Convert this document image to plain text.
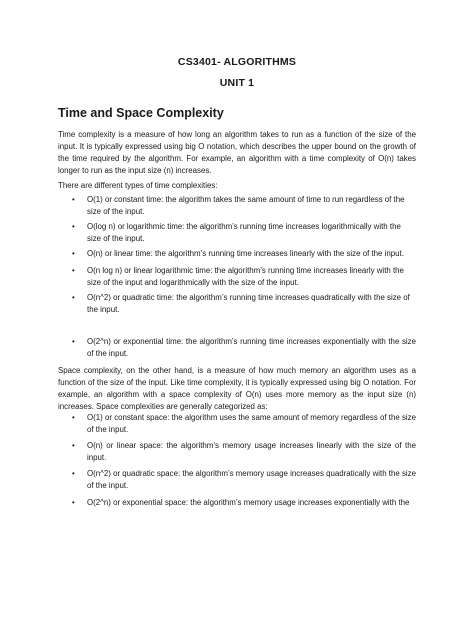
CS3401- ALGORITHMS
UNIT 1
Time and Space Complexity

Time complexity is a measure of how long an algorithm takes to run as a function of the size of the input. It is typically expressed using big O notation, which describes the upper bound on the growth of the time required by the algorithm. For example, an algorithm with a time complexity of O(n) takes longer to run as the input size (n) increases.

There are different types of time complexities:

• O(1) or constant time: the algorithm takes the same amount of time to run regardless of the size of the input.
• O(log n) or logarithmic time: the algorithm’s running time increases logarithmically with the size of the input.
• O(n) or linear time: the algorithm’s running time increases linearly with the size of the input.
• O(n log n) or linear logarithmic time: the algorithm’s running time increases linearly with the size of the input and logarithmically with the size of the input.
• O(n^2) or quadratic time: the algorithm’s running time increases quadratically with the size of the input.
• O(2^n) or exponential time: the algorithm’s running time increases exponentially with the size of the input.

Space complexity, on the other hand, is a measure of how much memory an algorithm uses as a function of the size of the input. Like time complexity, it is typically expressed using big O notation. For example, an algorithm with a space complexity of O(n) uses more memory as the input size (n) increases. Space complexities are generally categorized as:

• O(1) or constant space: the algorithm uses the same amount of memory regardless of the size of the input.
• O(n) or linear space: the algorithm’s memory usage increases linearly with the size of the input.
• O(n^2) or quadratic space: the algorithm’s memory usage increases quadratically with the size of the input.
• O(2^n) or exponential space: the algorithm’s memory usage increases exponentially with the
